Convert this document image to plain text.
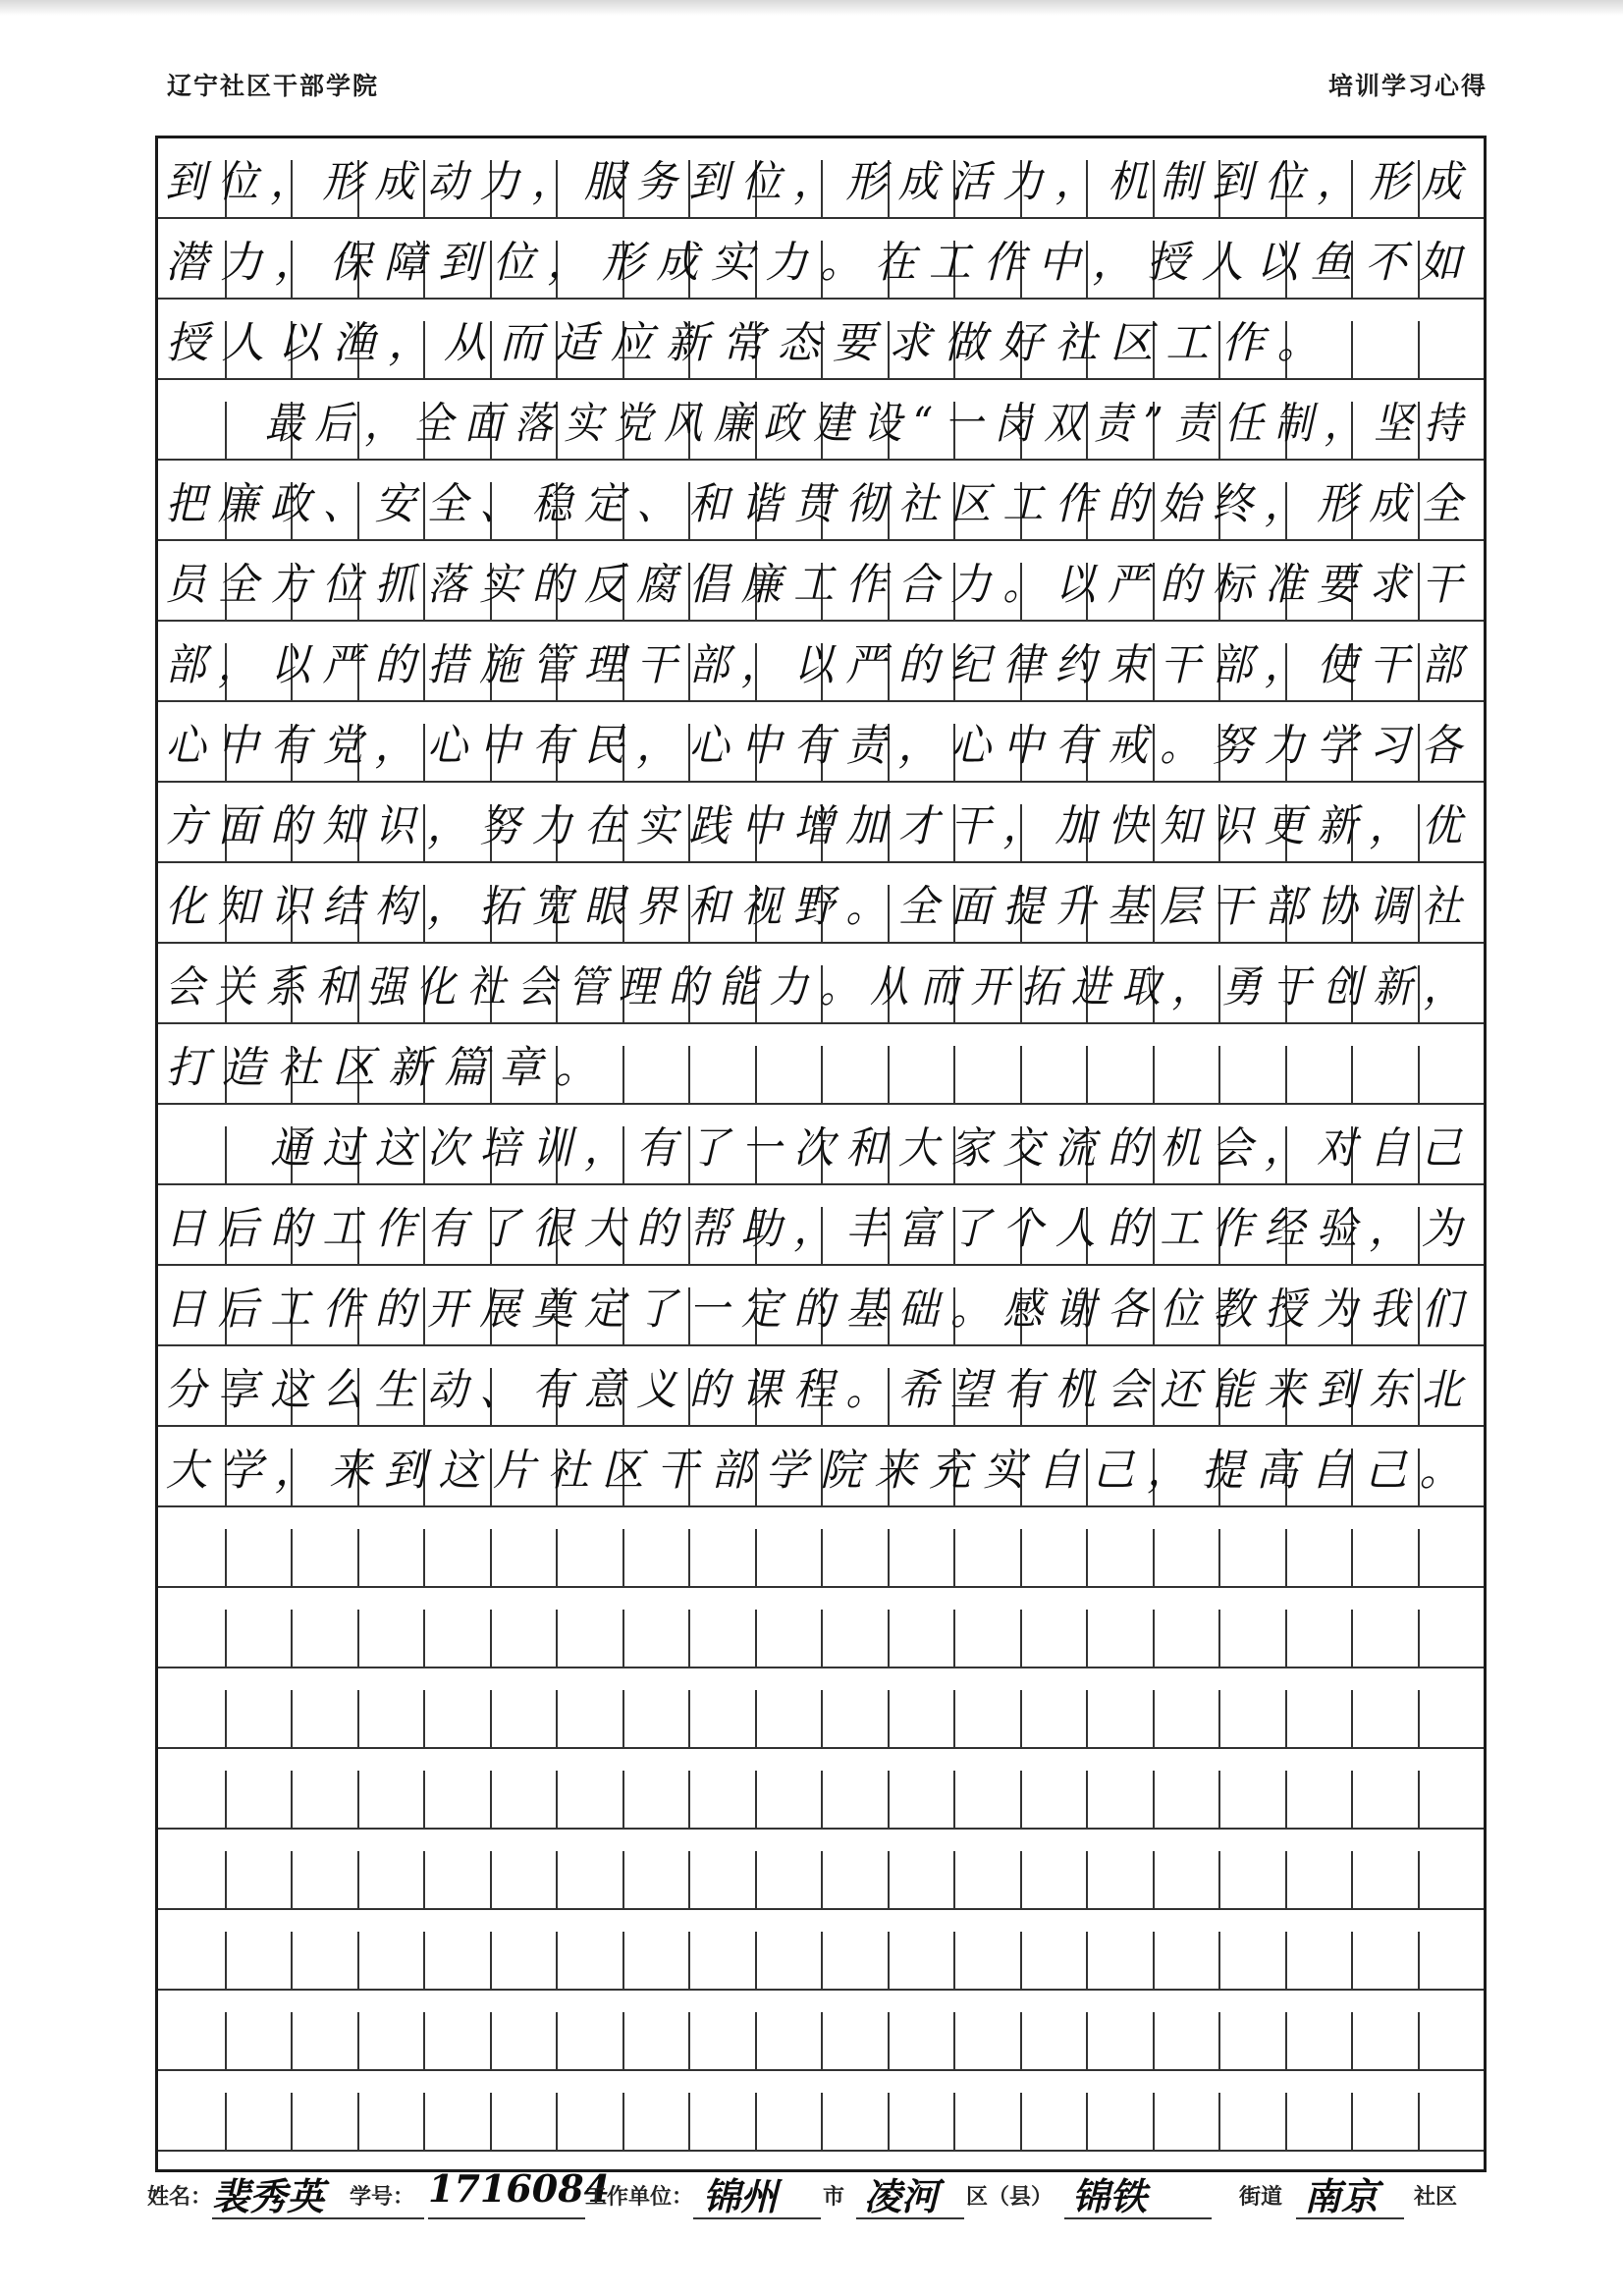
辽宁社区干部学院	培训学习心得
到位，形成动力，服务到位，形成活力，机制到位，形成
潜力，保障到位，形成实力。在工作中，授人以鱼不如
授人以渔，从而适应新常态要求做好社区工作。
　　最后，全面落实党风廉政建设“一岗双责”责任制，坚持
把廉政、安全、稳定、和谐贯彻社区工作的始终，形成全
员全方位抓落实的反腐倡廉工作合力。以严的标准要求干
部，以严的措施管理干部，以严的纪律约束干部，使干部
心中有党，心中有民，心中有责，心中有戒。努力学习各
方面的知识，努力在实践中增加才干，加快知识更新，优
化知识结构，拓宽眼界和视野。全面提升基层干部协调社
会关系和强化社会管理的能力。从而开拓进取，勇于创新，
打造社区新篇章。
　　通过这次培训，有了一次和大家交流的机会，对自己
日后的工作有了很大的帮助，丰富了个人的工作经验，为
日后工作的开展奠定了一定的基础。感谢各位教授为我们
分享这么生动、有意义的课程。希望有机会还能来到东北
大学，来到这片社区干部学院来充实自己，提高自己。
姓名： 裴秀英 学号： 1716084
工作单位： 锦州 市 凌河 区（县） 锦铁	街道 南京 社区
